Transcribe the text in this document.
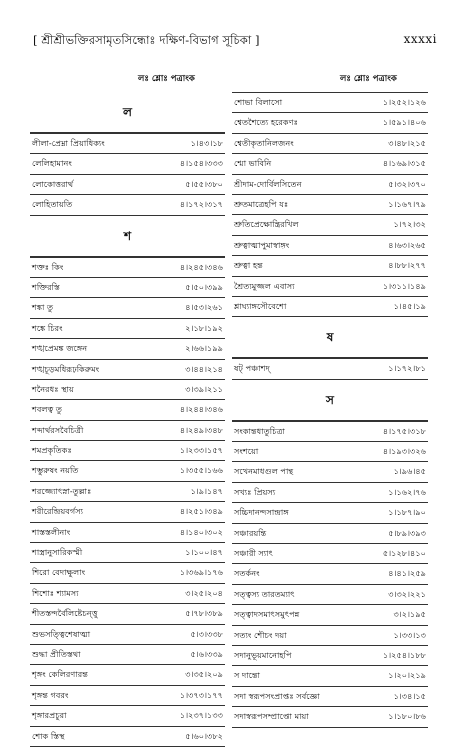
[ শ্রীশ্রীভক্তিরসামৃতসিন্ধোঃ দক্ষিণ-বিভাগ সূচিকা ]	xxxxi
লঃ শ্লোঃ পত্রাংক	লঃ শ্লোঃ পত্রাংক
ল
লীলা-প্রেম্না প্রিয়াধিক্যং	১।৪৩।১৮
লেলিহামানং	৪।১৫৪।৩৩৩
লোকোত্তরার্থ	৫।৫৫।৩৮০
লোহিতায়তি	৪।১৭২।৩১৭
শ
শক্তঃ কিং	৪।২৪৫।৩৪৬
শক্তিরস্তি	৫।৫০।৩৯৯
শঙ্কা তু	৪।৫৩।২৬১
শঙ্কে চিরং	২।১৮।১৯২
শঙ্খপ্রেমঙ্ক জঙ্গেন	২।৬৬।১৯৯
শঙ্খচূড়মধিরূঢ়কিরুমং	৩।৪৪।২১৪
শনৈরধঃ স্থায়	৩।৩৯।২১১
শবলত্ব তু	৪।২৪৪।৩৪৬
শব্দার্থরসবৈচিত্রী	৪।২৪৯।৩৪৮
শমপ্রকৃতিকঃ	১।২৩৩।১৫৭
শম্ভুরুষং নয়তি	১।৩৫৫।১৬৬
শরজ্জ্যোৎস্না-তুল্লাঃ	১।৯।১৪৭
শরীরেন্দ্রিয়বর্গস্য	৪।২৫১।৩৪৯
শাস্তস্তলীনাং	৪।১৪০।৩০২
শাস্ত্রানুসারিকস্মী	১।১০০।৪৭
শিরো বেদাক্ষুলাং	১।৩৬৯।১৭৬
শিশোঃ শ্যামস্য	৩।২৫।২০৪
শীতস্তন্দর্বৈলিষ্টেচন্ত্তু	৫।৭৮।৩৮৯
শুভসত্ত্বিশেষাত্মা	৫।৩।৩৩৮
শুদ্ধা প্রীতিস্তথা	৫।৬।৩৩৯
শৃঙ্গং কেলিরণারন্ত	৩।৩৫।২০৯
শৃঙ্গন্ত গবরং	১।৩৭৩।১৭৭
শৃঙ্গারপ্রচুরা	১।২৩৭।১৩৩
শোক স্তিস্থ	৫।৬০।৩৮২
শোভা বিলাসো	১।২৫২।১২৬
শ্বেতশৈত্যে হরেকণঃ	১।৫৯১।৪০৬
শ্বেতীকৃতানিলজনং	৩।৪৮।২১৫
শ্মো ভাবিনি	৪।১৬৯।৩১৫
শ্রীদাম-দোর্বিলসিতেন	৫।৩২।৩৭০
শ্রুতমাত্রেহপি যঃ	১।১৬৭।৭৯
শ্রুতিপ্রেক্ষোন্ত্রিরখিল	১।৭২।৩২
শ্রুত্বাত্মাপুমাস্বা়ঙ্গং	৪।৬৩।২৬৫
শ্রুত্বা হন্ত	৪।৮৮।২৭৭
শ্রৈত্যমুজ্জল এবাস্য	১।৩১১।১৪৯
শ্লাঘ্যাঙ্গসৌবেশো	১।৪৫।১৯
ষ
ষট্‌ পঞ্চাশদ্	১।১৭২।৮১
স
সংকান্তধাতুচিত্রা	৪।১৭৫।৩১৮
সংশয়ো	৪।১৯৩।৩২৬
সখেনমাধগুল পান্থ	১।৯৬।৪৫
সখ্যঃ প্রিয়স্য	১।১৬২।৭৬
সচ্চিদানন্দসান্দ্রাঙ্গ	১।১৮৭।৯০
সঞ্চারয়ন্তি	৫।৮৯।৩৯৩
সঞ্চারী স্যাৎ	৫।১২৮।৪১০
সতর্কনং	৪।৪১।২৫৯
সত্ত্বস্য তারতম্যাৎ	৩।৩২।২২১
সত্ত্বাদসমাৎসমুৎপন্ন	৩।২।১৯৫
সত্যং শৌচং দয়া	১।৩৩।১৩
সদানুভূয়মানোহপি	১।২৫৪।১৮৮
স দান্তো	১।২০।২১৯
সদা স্বরূপসংপ্রাপ্তঃ সর্বজ্ঞো	১।৩৪।১৫
সদাস্বরূপসম্প্রাপ্তো মায়া	১।১৮০।৮৬
